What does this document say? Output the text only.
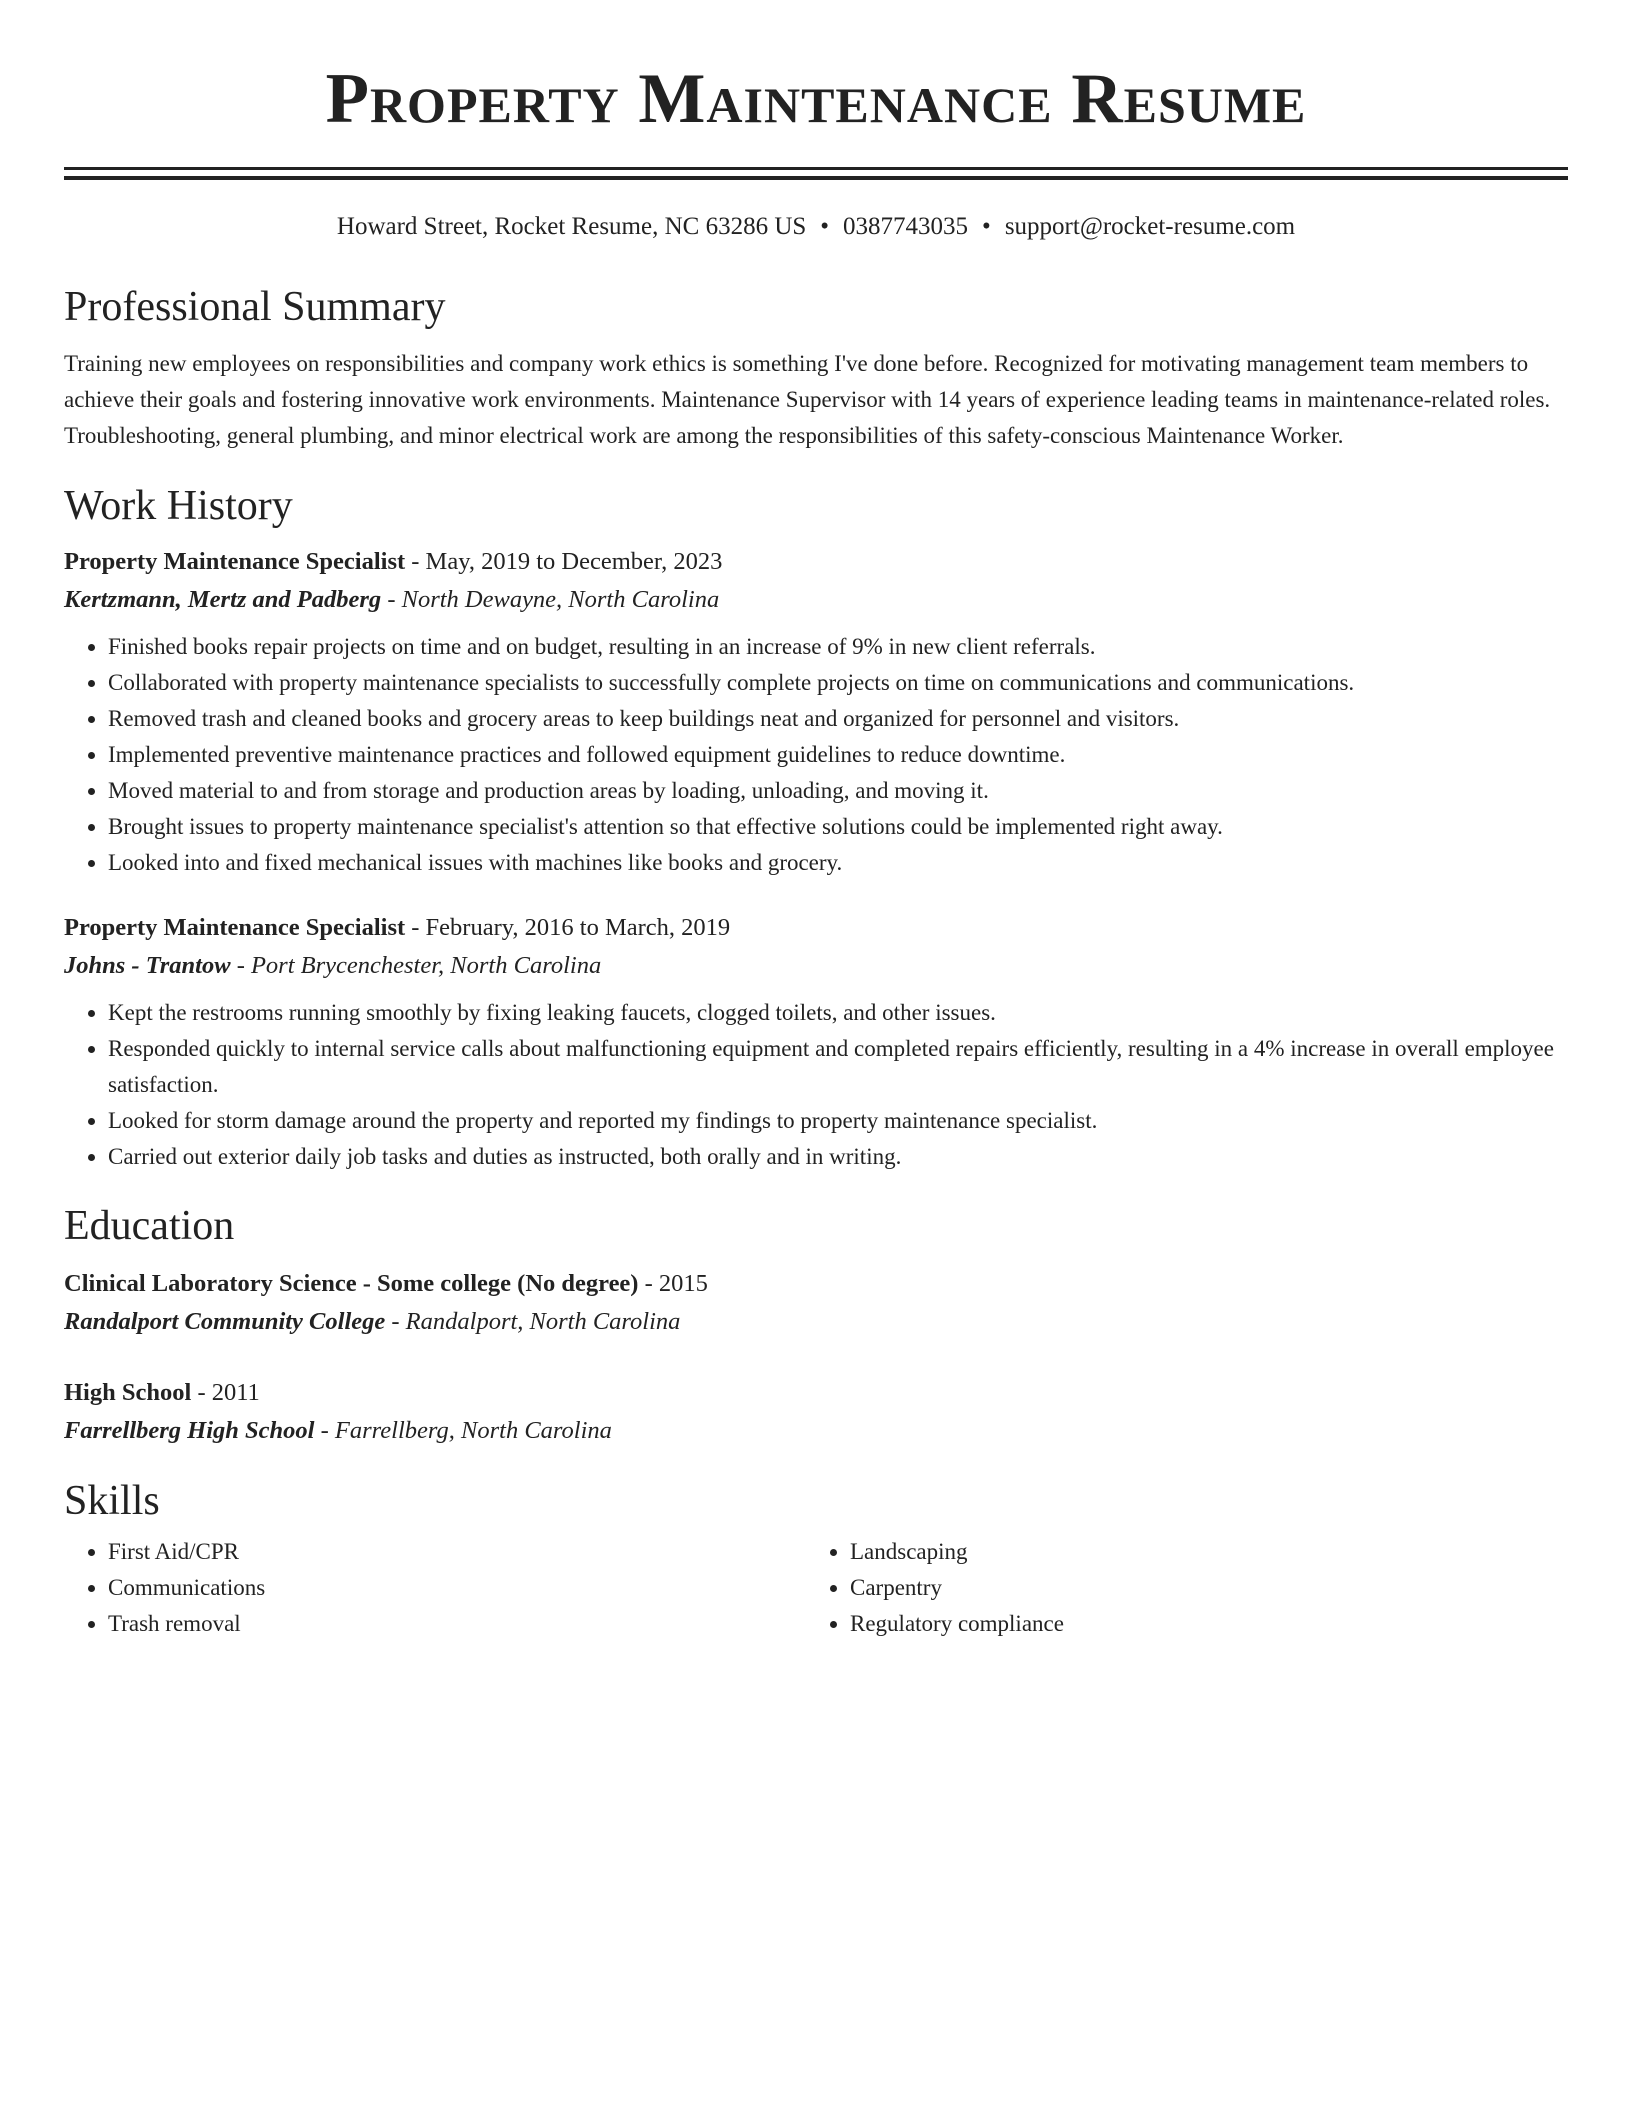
Property Maintenance Resume
Howard Street, Rocket Resume, NC 63286 US • 0387743035 • support@rocket-resume.com
Professional Summary
Training new employees on responsibilities and company work ethics is something I've done before. Recognized for motivating management team members to achieve their goals and fostering innovative work environments. Maintenance Supervisor with 14 years of experience leading teams in maintenance-related roles. Troubleshooting, general plumbing, and minor electrical work are among the responsibilities of this safety-conscious Maintenance Worker.
Work History
Property Maintenance Specialist - May, 2019 to December, 2023
Kertzmann, Mertz and Padberg - North Dewayne, North Carolina
• Finished books repair projects on time and on budget, resulting in an increase of 9% in new client referrals.
• Collaborated with property maintenance specialists to successfully complete projects on time on communications and communications.
• Removed trash and cleaned books and grocery areas to keep buildings neat and organized for personnel and visitors.
• Implemented preventive maintenance practices and followed equipment guidelines to reduce downtime.
• Moved material to and from storage and production areas by loading, unloading, and moving it.
• Brought issues to property maintenance specialist's attention so that effective solutions could be implemented right away.
• Looked into and fixed mechanical issues with machines like books and grocery.
Property Maintenance Specialist - February, 2016 to March, 2019
Johns - Trantow - Port Brycenchester, North Carolina
• Kept the restrooms running smoothly by fixing leaking faucets, clogged toilets, and other issues.
• Responded quickly to internal service calls about malfunctioning equipment and completed repairs efficiently, resulting in a 4% increase in overall employee satisfaction.
• Looked for storm damage around the property and reported my findings to property maintenance specialist.
• Carried out exterior daily job tasks and duties as instructed, both orally and in writing.
Education
Clinical Laboratory Science - Some college (No degree) - 2015
Randalport Community College - Randalport, North Carolina
High School - 2011
Farrellberg High School - Farrellberg, North Carolina
Skills
• First Aid/CPR
• Communications
• Trash removal
• Landscaping
• Carpentry
• Regulatory compliance
